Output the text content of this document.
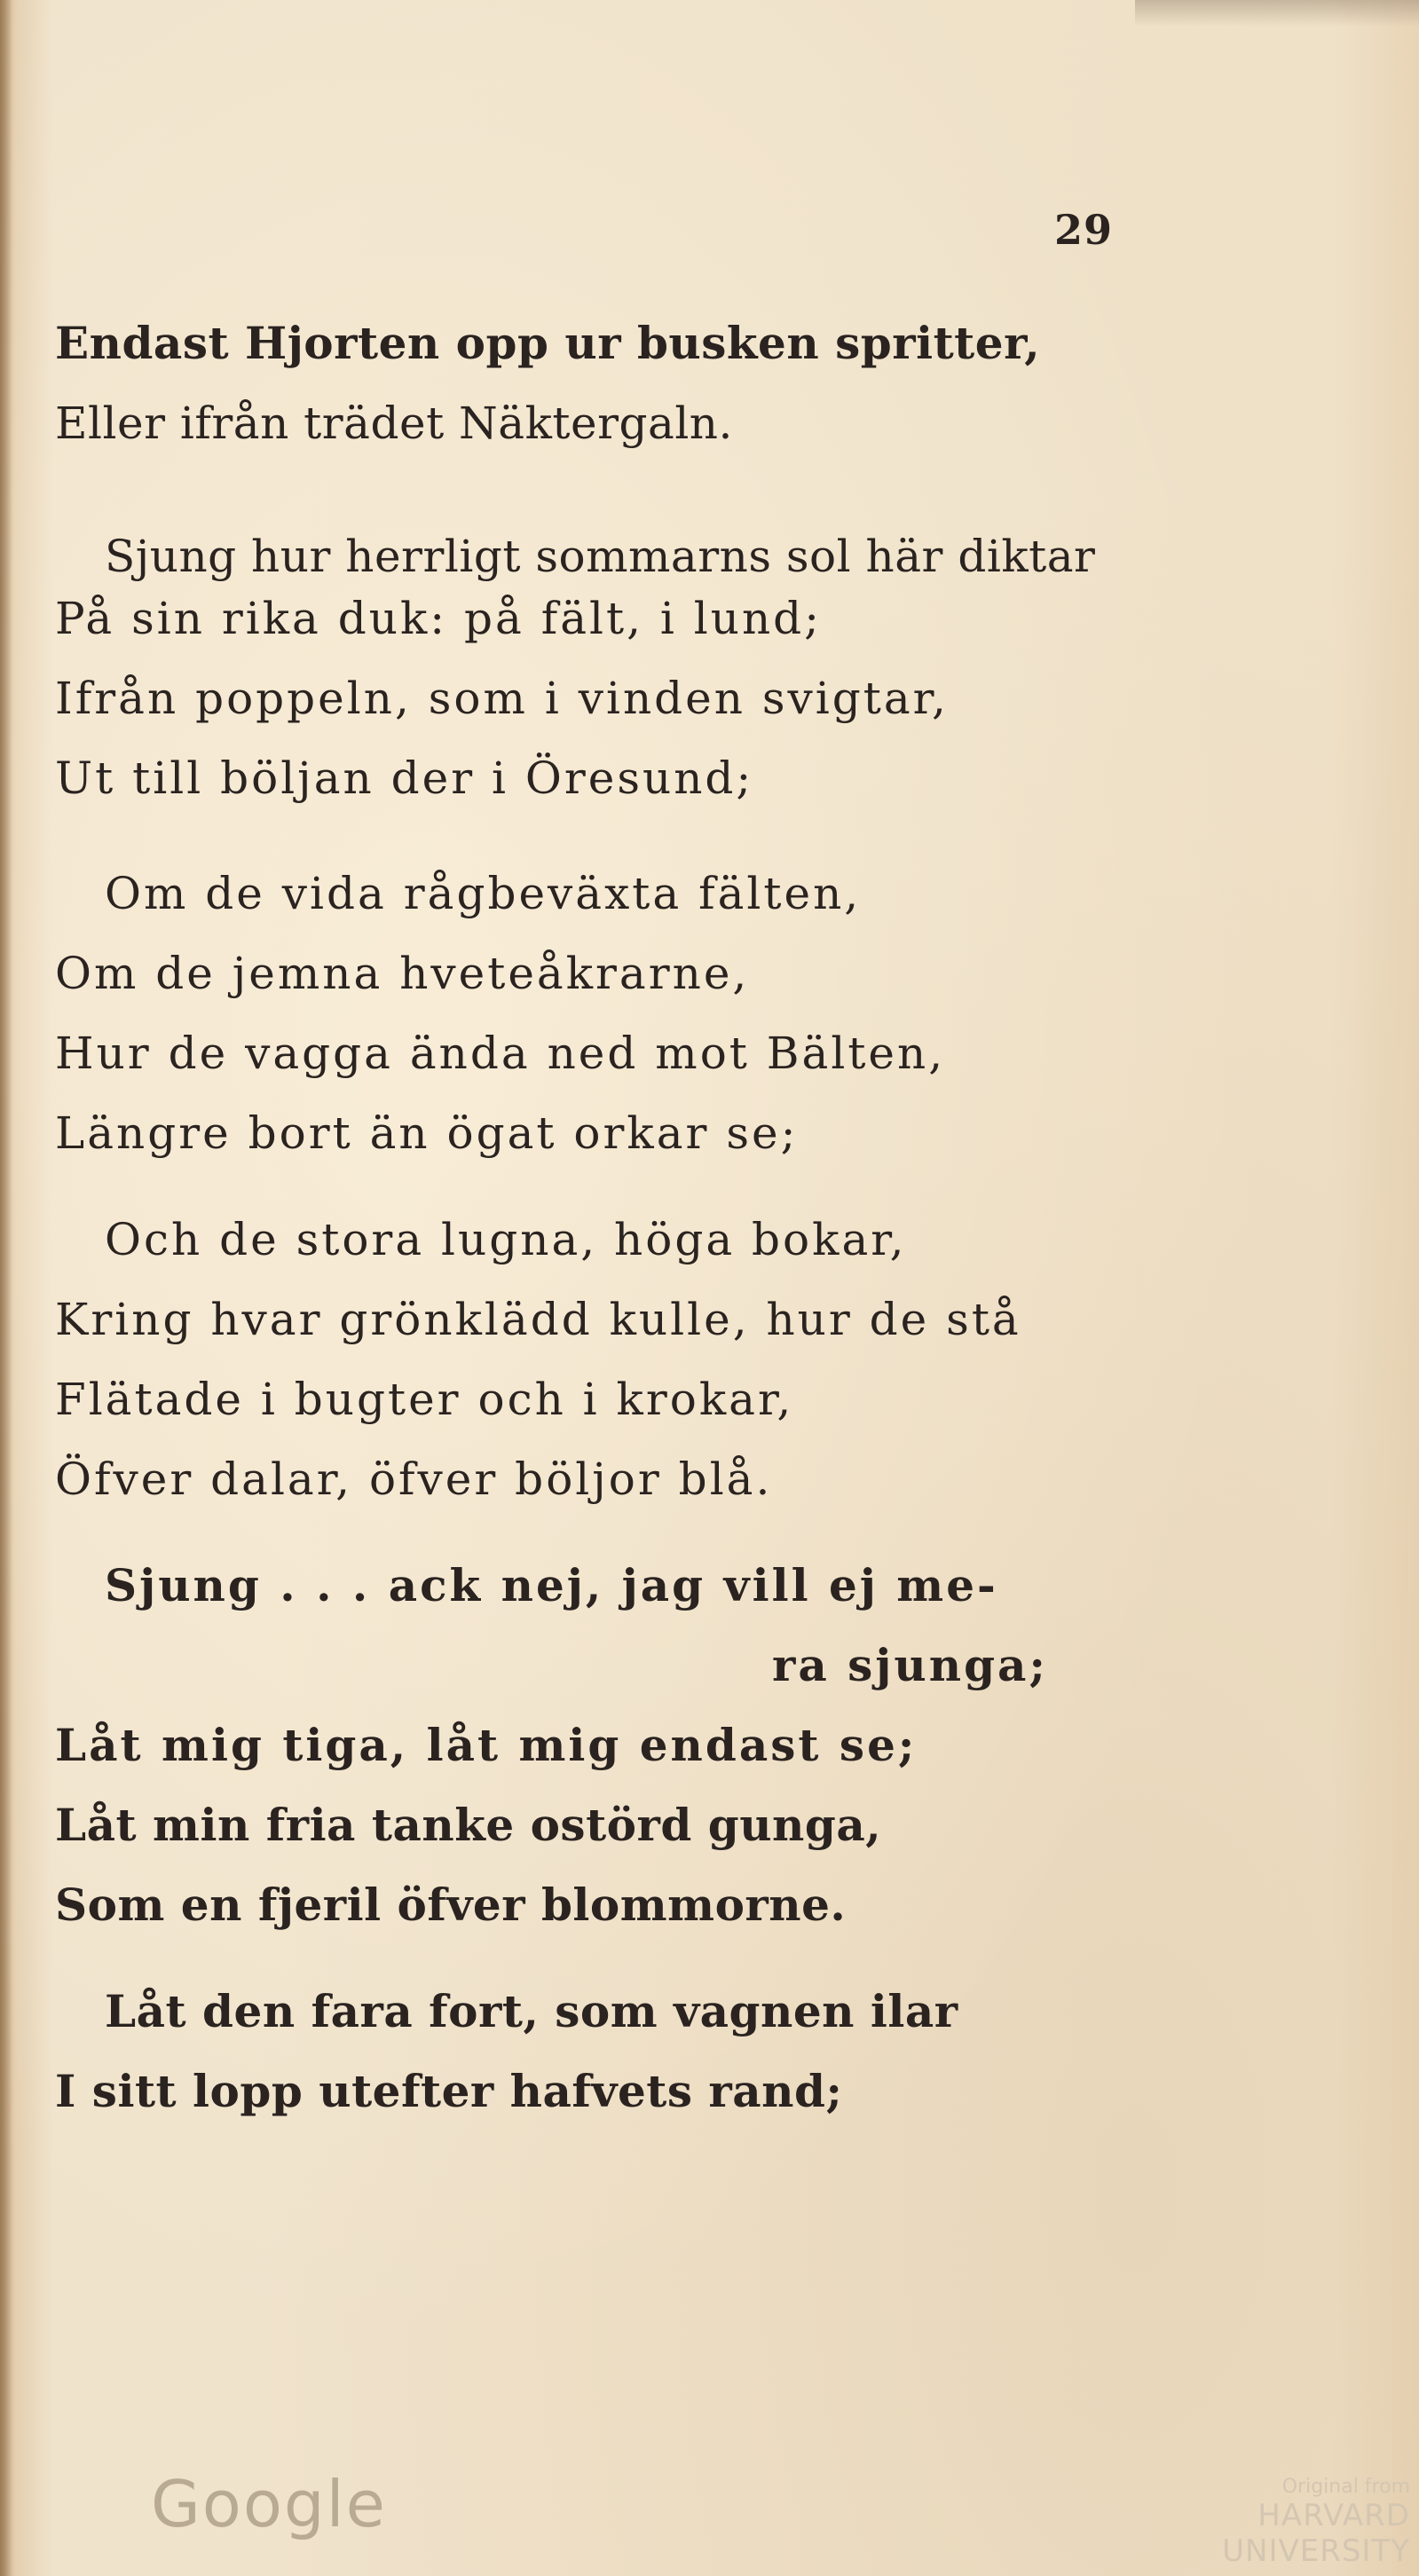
29
Endast Hjorten opp ur busken spritter,
Eller ifrån trädet Näktergaln.
Sjung hur herrligt sommarns sol här diktar
På sin rika duk: på fält, i lund;
Ifrån poppeln, som i vinden svigtar,
Ut till böljan der i Öresund;
Om de vida rågbeväxta fälten,
Om de jemna hveteåkrarne,
Hur de vagga ända ned mot Bälten,
Längre bort än ögat orkar se;
Och de stora lugna, höga bokar,
Kring hvar grönklädd kulle, hur de stå
Flätade i bugter och i krokar,
Öfver dalar, öfver böljor blå.
Sjung . . . ack nej, jag vill ej me-
ra sjunga;
Låt mig tiga, låt mig endast se;
Låt min fria tanke ostörd gunga,
Som en fjeril öfver blommorne.
Låt den fara fort, som vagnen ilar
I sitt lopp utefter hafvets rand;
Google	Original from
HARVARD UNIVERSITY
